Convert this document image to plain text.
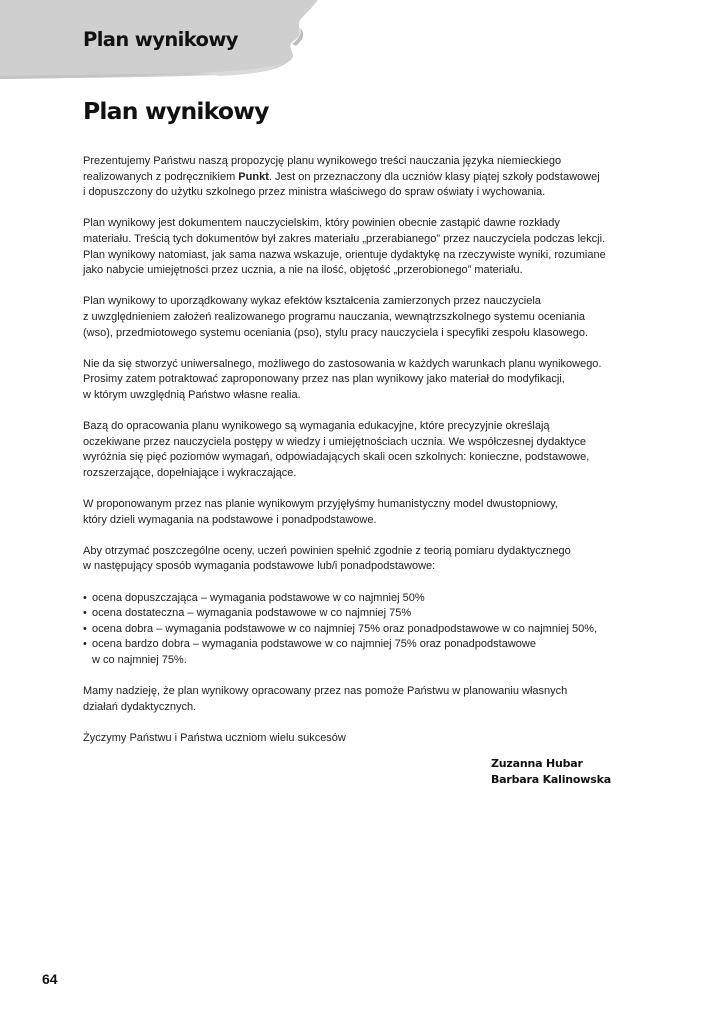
Plan wynikowy
Plan wynikowy

Prezentujemy Państwu naszą propozycję planu wynikowego treści nauczania języka niemieckiego
realizowanych z podręcznikiem Punkt. Jest on przeznaczony dla uczniów klasy piątej szkoły podstawowej
i dopuszczony do użytku szkolnego przez ministra właściwego do spraw oświaty i wychowania.

Plan wynikowy jest dokumentem nauczycielskim, który powinien obecnie zastąpić dawne rozkłady
materiału. Treścią tych dokumentów był zakres materiału „przerabianego” przez nauczyciela podczas lekcji.
Plan wynikowy natomiast, jak sama nazwa wskazuje, orientuje dydaktykę na rzeczywiste wyniki, rozumiane
jako nabycie umiejętności przez ucznia, a nie na ilość, objętość „przerobionego” materiału.

Plan wynikowy to uporządkowany wykaz efektów kształcenia zamierzonych przez nauczyciela
z uwzględnieniem założeń realizowanego programu nauczania, wewnątrzszkolnego systemu oceniania
(wso), przedmiotowego systemu oceniania (pso), stylu pracy nauczyciela i specyfiki zespołu klasowego.

Nie da się stworzyć uniwersalnego, możliwego do zastosowania w każdych warunkach planu wynikowego.
Prosimy zatem potraktować zaproponowany przez nas plan wynikowy jako materiał do modyfikacji,
w którym uwzględnią Państwo własne realia.

Bazą do opracowania planu wynikowego są wymagania edukacyjne, które precyzyjnie określają
oczekiwane przez nauczyciela postępy w wiedzy i umiejętnościach ucznia. We współczesnej dydaktyce
wyróżnia się pięć poziomów wymagań, odpowiadających skali ocen szkolnych: konieczne, podstawowe,
rozszerzające, dopełniające i wykraczające.

W proponowanym przez nas planie wynikowym przyjęłyśmy humanistyczny model dwustopniowy,
który dzieli wymagania na podstawowe i ponadpodstawowe.

Aby otrzymać poszczególne oceny, uczeń powinien spełnić zgodnie z teorią pomiaru dydaktycznego
w następujący sposób wymagania podstawowe lub/i ponadpodstawowe:

• ocena dopuszczająca – wymagania podstawowe w co najmniej 50%
• ocena dostateczna – wymagania podstawowe w co najmniej 75%
• ocena dobra – wymagania podstawowe w co najmniej 75% oraz ponadpodstawowe w co najmniej 50%,
• ocena bardzo dobra – wymagania podstawowe w co najmniej 75% oraz ponadpodstawowe
w co najmniej 75%.

Mamy nadzieję, że plan wynikowy opracowany przez nas pomoże Państwu w planowaniu własnych
działań dydaktycznych.

Życzymy Państwu i Państwa uczniom wielu sukcesów

Zuzanna Hubar
Barbara Kalinowska
64
